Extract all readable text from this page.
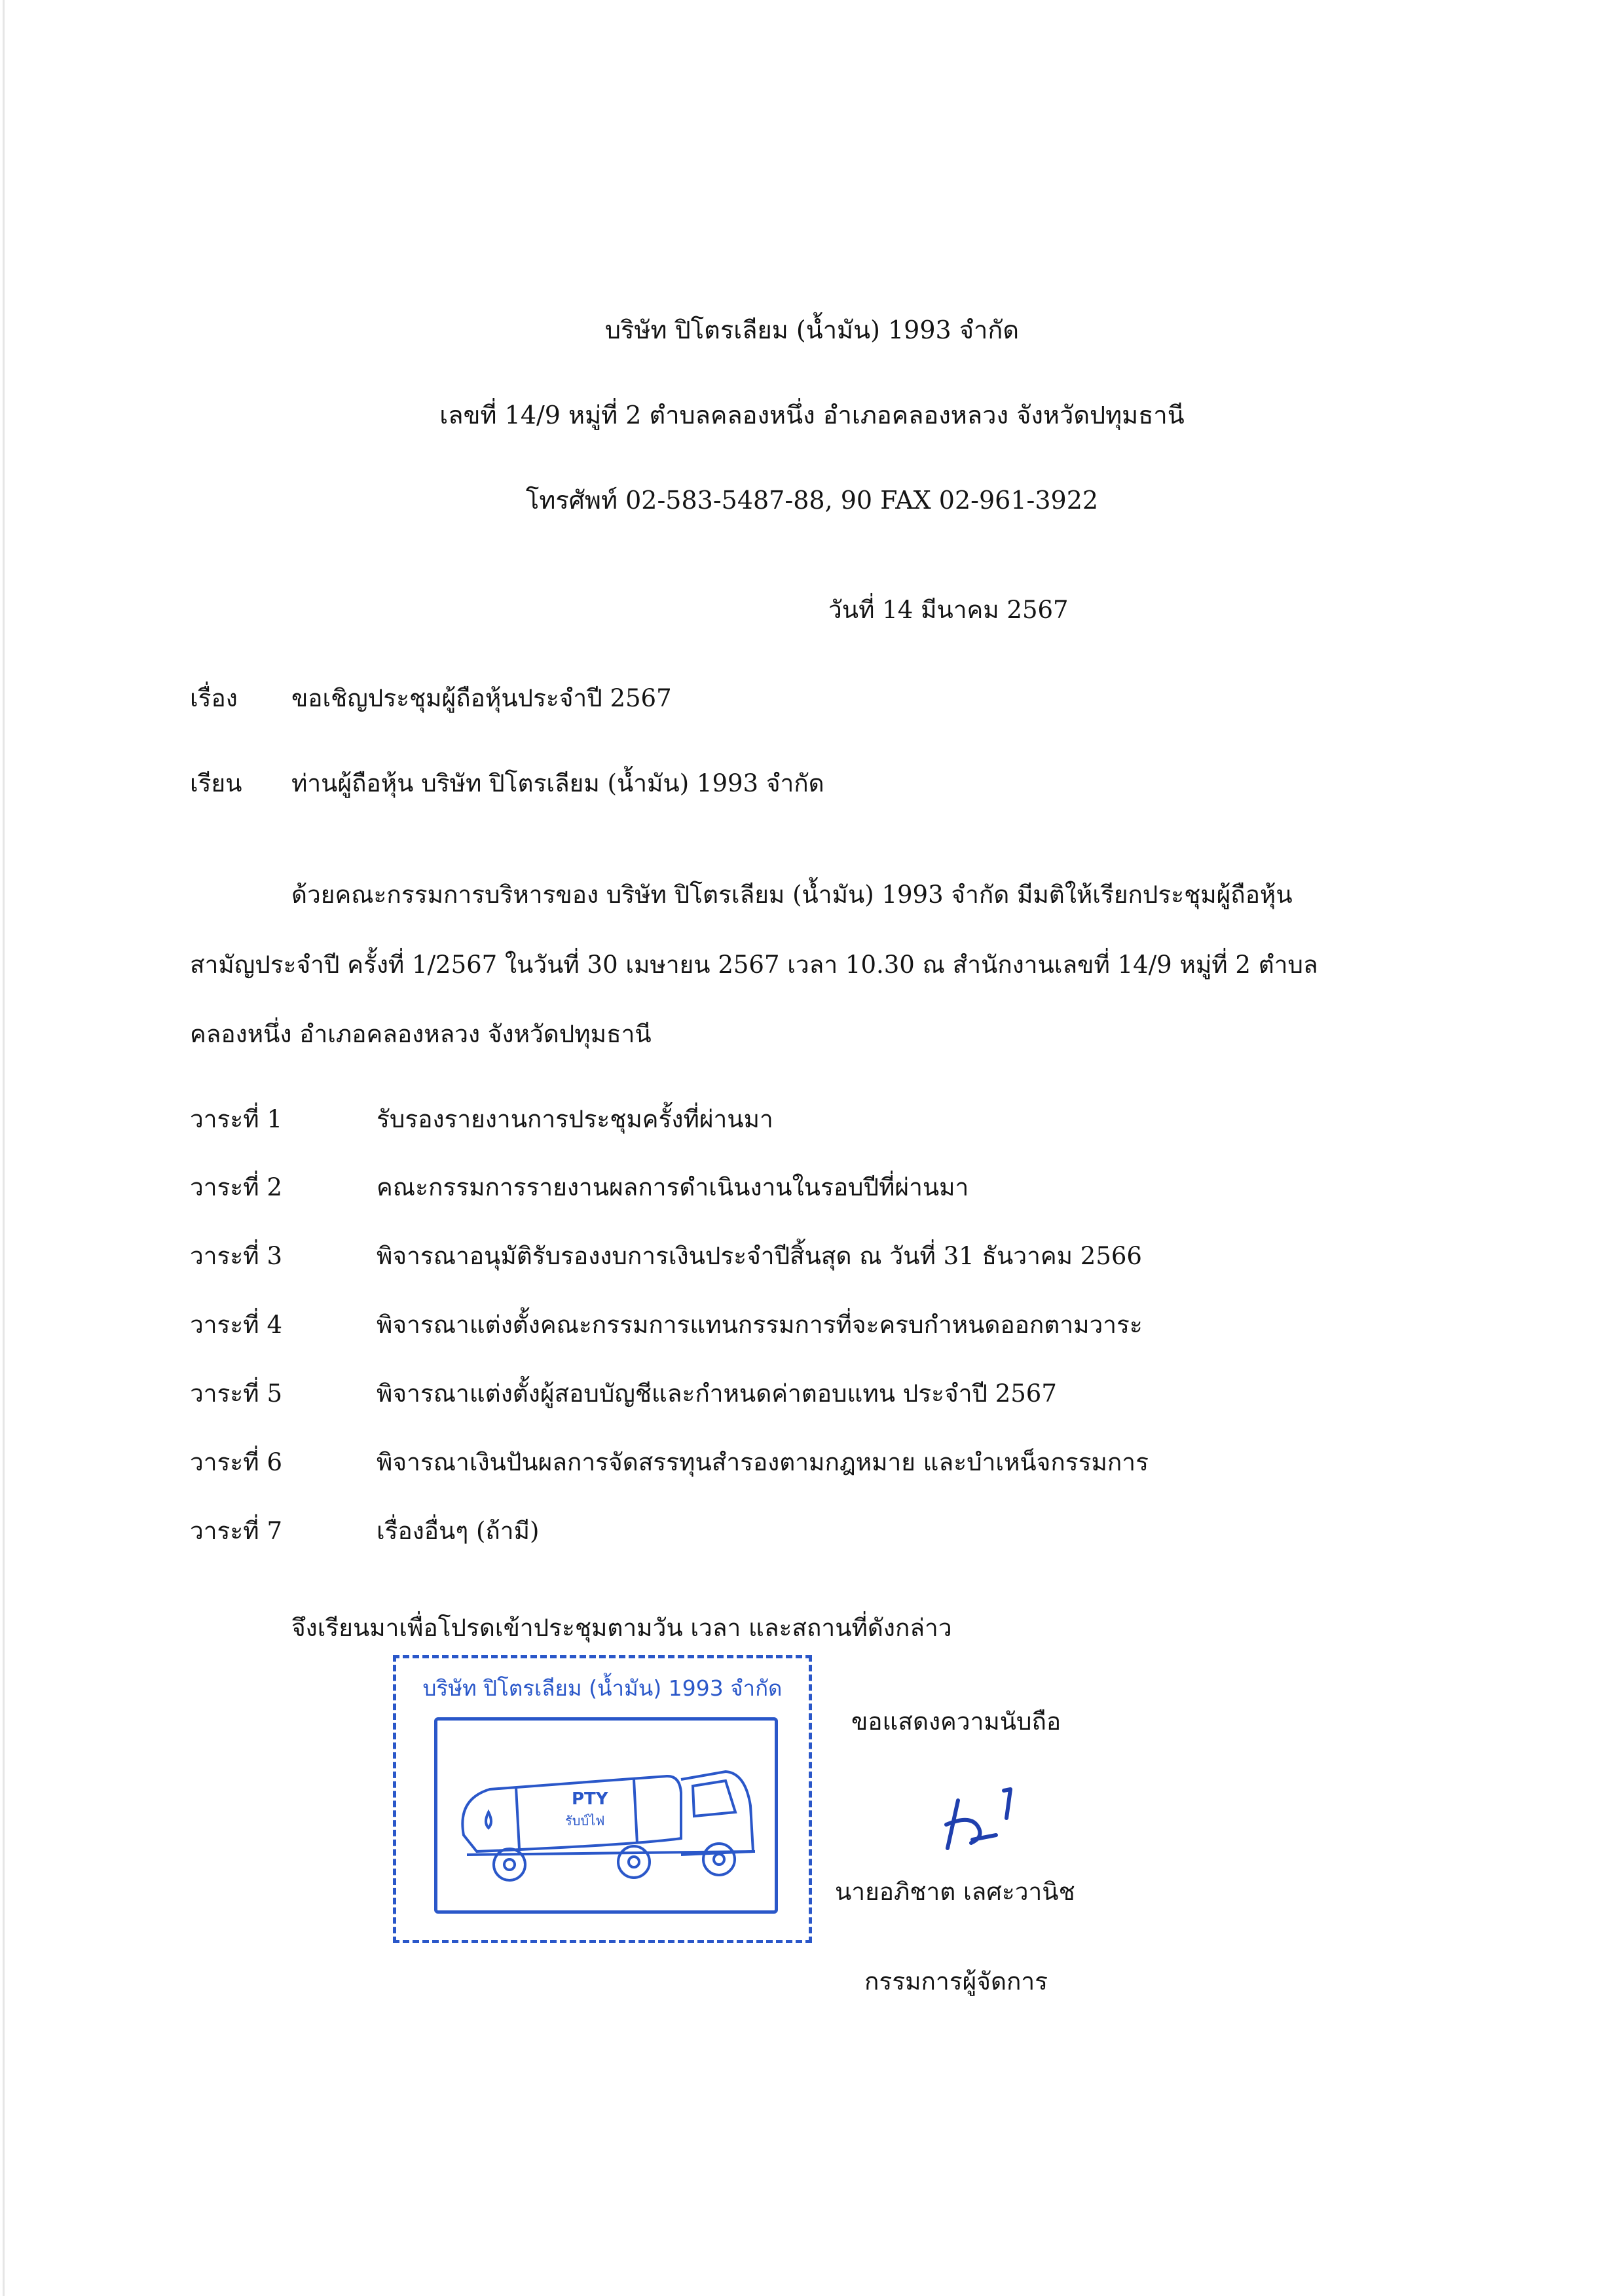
บริษัท ปิโตรเลียม (น้ำมัน) 1993 จำกัด
เลขที่ 14/9 หมู่ที่ 2 ตำบลคลองหนึ่ง อำเภอคลองหลวง จังหวัดปทุมธานี
โทรศัพท์ 02-583-5487-88, 90 FAX 02-961-3922
วันที่ 14 มีนาคม 2567
เรื่อง ขอเชิญประชุมผู้ถือหุ้นประจำปี 2567
เรียน ท่านผู้ถือหุ้น บริษัท ปิโตรเลียม (น้ำมัน) 1993 จำกัด
ด้วยคณะกรรมการบริหารของ บริษัท ปิโตรเลียม (น้ำมัน) 1993 จำกัด มีมติให้เรียกประชุมผู้ถือหุ้น
สามัญประจำปี ครั้งที่ 1/2567 ในวันที่ 30 เมษายน 2567 เวลา 10.30 ณ สำนักงานเลขที่ 14/9 หมู่ที่ 2 ตำบล
คลองหนึ่ง อำเภอคลองหลวง จังหวัดปทุมธานี
วาระที่ 1	รับรองรายงานการประชุมครั้งที่ผ่านมา
วาระที่ 2	คณะกรรมการรายงานผลการดำเนินงานในรอบปีที่ผ่านมา
วาระที่ 3	พิจารณาอนุมัติรับรองงบการเงินประจำปีสิ้นสุด ณ วันที่ 31 ธันวาคม 2566
วาระที่ 4	พิจารณาแต่งตั้งคณะกรรมการแทนกรรมการที่จะครบกำหนดออกตามวาระ
วาระที่ 5	พิจารณาแต่งตั้งผู้สอบบัญชีและกำหนดค่าตอบแทน ประจำปี 2567
วาระที่ 6	พิจารณาเงินปันผลการจัดสรรทุนสำรองตามกฎหมาย และบำเหน็จกรรมการ
วาระที่ 7	เรื่องอื่นๆ (ถ้ามี)
จึงเรียนมาเพื่อโปรดเข้าประชุมตามวัน เวลา และสถานที่ดังกล่าว
บริษัท ปิโตรเลียม (น้ำมัน) 1993 จำกัด
PTY
รับบ์ไฟ
ขอแสดงความนับถือ
นายอภิชาต เลศะวานิช
กรรมการผู้จัดการ
